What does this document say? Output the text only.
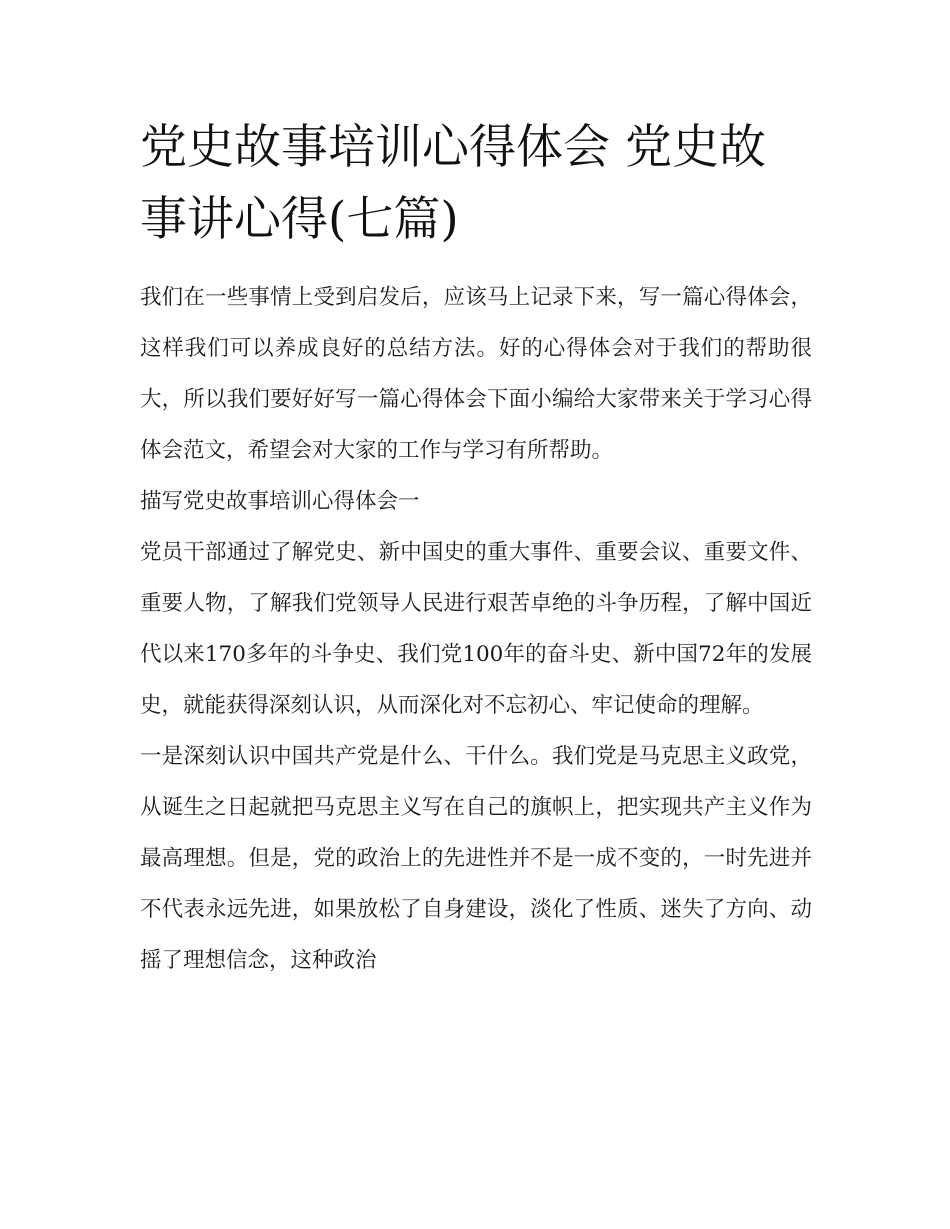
党史故事培训心得体会 党史故事讲心得(七篇)

我们在一些事情上受到启发后，应该马上记录下来，写一篇心得体会，这样我们可以养成良好的总结方法。好的心得体会对于我们的帮助很大，所以我们要好好写一篇心得体会下面小编给大家带来关于学习心得体会范文，希望会对大家的工作与学习有所帮助。

描写党史故事培训心得体会一

党员干部通过了解党史、新中国史的重大事件、重要会议、重要文件、重要人物，了解我们党领导人民进行艰苦卓绝的斗争历程，了解中国近代以来170多年的斗争史、我们党100年的奋斗史、新中国72年的发展史，就能获得深刻认识，从而深化对不忘初心、牢记使命的理解。

一是深刻认识中国共产党是什么、干什么。我们党是马克思主义政党，从诞生之日起就把马克思主义写在自己的旗帜上，把实现共产主义作为最高理想。但是，党的政治上的先进性并不是一成不变的，一时先进并不代表永远先进，如果放松了自身建设，淡化了性质、迷失了方向、动摇了理想信念，这种政治
